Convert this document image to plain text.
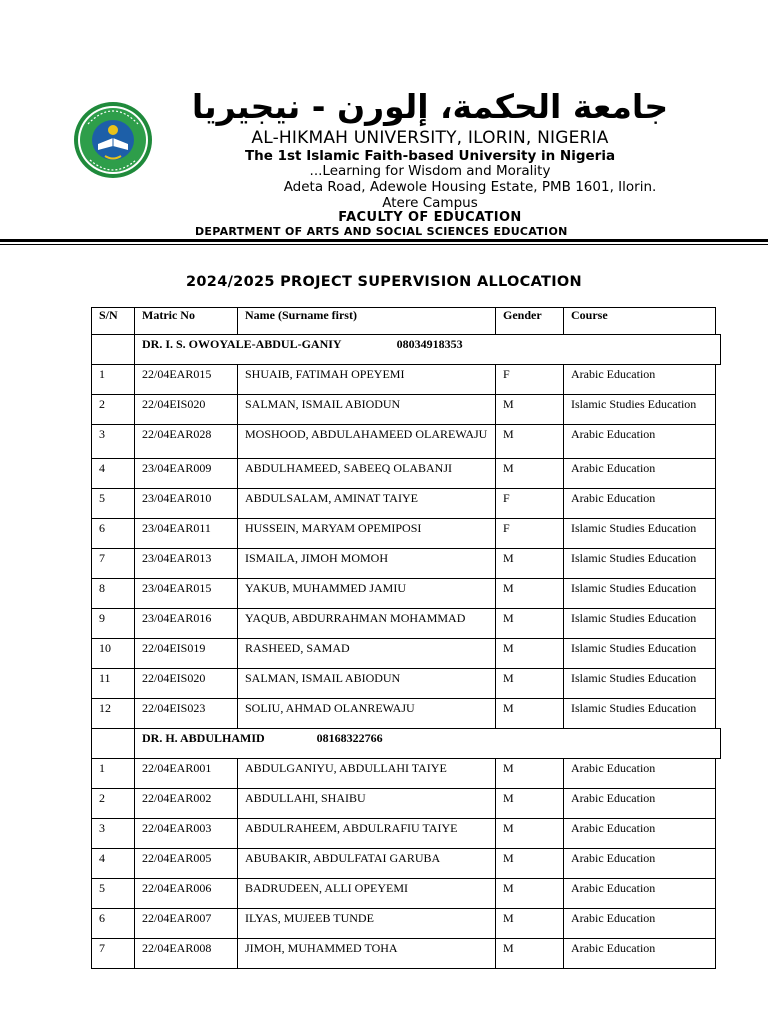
جامعة الحكمة، إلورن - نيجيريا
AL-HIKMAH UNIVERSITY, ILORIN, NIGERIA
The 1st Islamic Faith-based University in Nigeria
...Learning for Wisdom and Morality
Adeta Road, Adewole Housing Estate, PMB 1601, Ilorin.
Atere Campus
FACULTY OF EDUCATION
DEPARTMENT OF ARTS AND SOCIAL SCIENCES EDUCATION
2024/2025 PROJECT SUPERVISION ALLOCATION
S/N	Matric No	Name (Surname first)	Gender	Course
	DR. I. S. OWOYALE-ABDUL-GANIY 08034918353			

1	22/04EAR015	SHUAIB, FATIMAH OPEYEMI	F	Arabic Education
2	22/04EIS020	SALMAN, ISMAIL ABIODUN	M	Islamic Studies Education
3	22/04EAR028	MOSHOOD, ABDULAHAMEED OLAREWAJU	M	Arabic Education
4	23/04EAR009	ABDULHAMEED, SABEEQ OLABANJI	M	Arabic Education
5	23/04EAR010	ABDULSALAM, AMINAT TAIYE	F	Arabic Education
6	23/04EAR011	HUSSEIN, MARYAM OPEMIPOSI	F	Islamic Studies Education
7	23/04EAR013	ISMAILA, JIMOH MOMOH	M	Islamic Studies Education
8	23/04EAR015	YAKUB, MUHAMMED JAMIU	M	Islamic Studies Education
9	23/04EAR016	YAQUB, ABDURRAHMAN MOHAMMAD	M	Islamic Studies Education
10	22/04EIS019	RASHEED, SAMAD	M	Islamic Studies Education
11	22/04EIS020	SALMAN, ISMAIL ABIODUN	M	Islamic Studies Education
12	22/04EIS023	SOLIU, AHMAD OLANREWAJU	M	Islamic Studies Education
	DR. H. ABDULHAMID 08168322766			

1	22/04EAR001	ABDULGANIYU, ABDULLAHI TAIYE	M	Arabic Education
2	22/04EAR002	ABDULLAHI, SHAIBU	M	Arabic Education
3	22/04EAR003	ABDULRAHEEM, ABDULRAFIU TAIYE	M	Arabic Education
4	22/04EAR005	ABUBAKIR, ABDULFATAI GARUBA	M	Arabic Education
5	22/04EAR006	BADRUDEEN, ALLI OPEYEMI	M	Arabic Education
6	22/04EAR007	ILYAS, MUJEEB TUNDE	M	Arabic Education
7	22/04EAR008	JIMOH, MUHAMMED TOHA	M	Arabic Education
